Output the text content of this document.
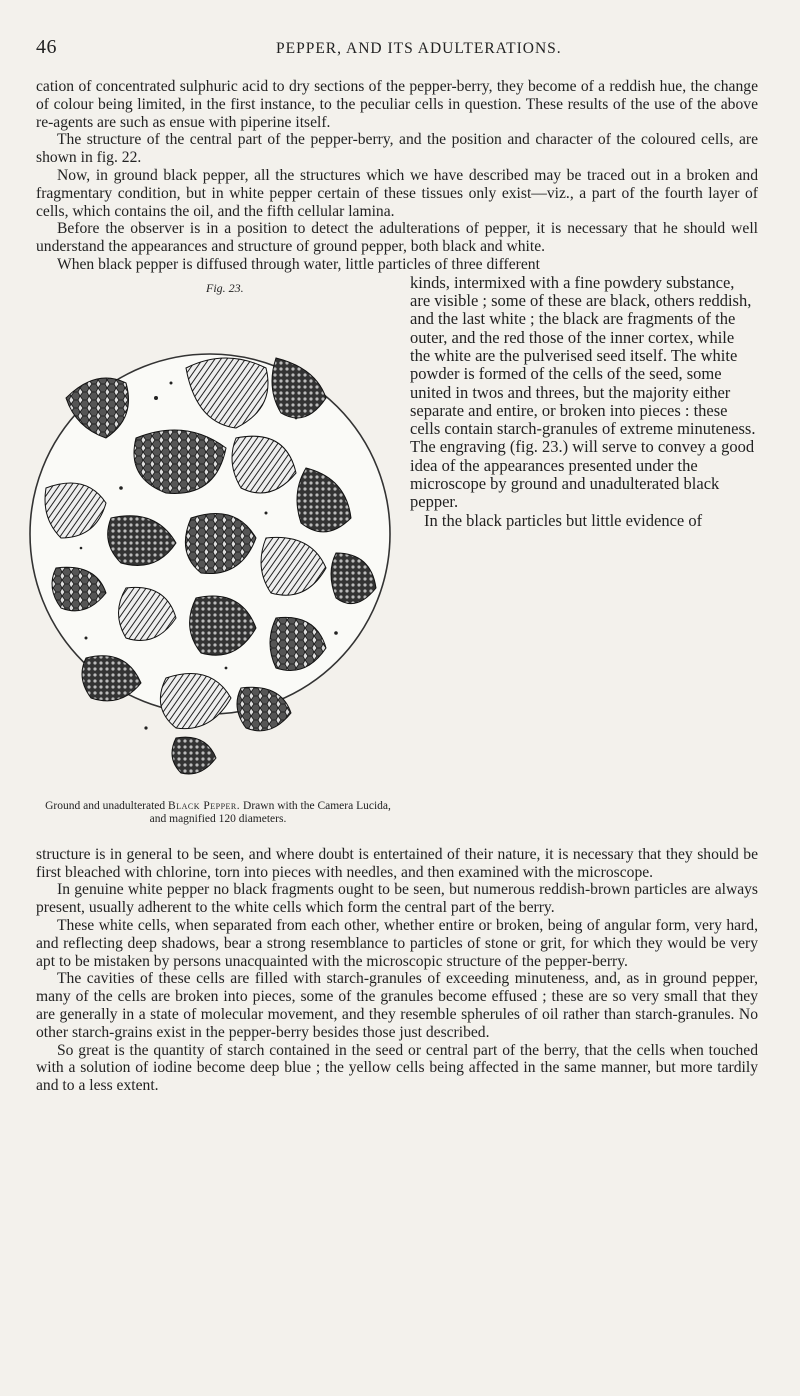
46	PEPPER, AND ITS ADULTERATIONS.

cation of concentrated sulphuric acid to dry sections of the pepper-berry, they become of a reddish hue, the change of colour being limited, in the first instance, to the peculiar cells in question. These results of the use of the above re-agents are such as ensue with piperine itself.

The structure of the central part of the pepper-berry, and the position and character of the coloured cells, are shown in fig. 22.

Now, in ground black pepper, all the structures which we have described may be traced out in a broken and fragmentary condition, but in white pepper certain of these tissues only exist—viz., a part of the fourth layer of cells, which contains the oil, and the fifth cellular lamina.

Before the observer is in a position to detect the adulterations of pepper, it is necessary that he should well understand the appearances and structure of ground pepper, both black and white.

When black pepper is diffused through water, little particles of three different

Fig. 23.
Ground and unadulterated Black Pepper. Drawn with the Camera Lucida, and magnified 120 diameters.

kinds, intermixed with a fine powdery substance, are visible ; some of these are black, others reddish, and the last white ; the black are fragments of the outer, and the red those of the inner cortex, while the white are the pulverised seed itself. The white powder is formed of the cells of the seed, some united in twos and threes, but the majority either separate and entire, or broken into pieces : these cells contain starch-granules of extreme minuteness. The engraving (fig. 23.) will serve to convey a good idea of the appearances presented under the microscope by ground and unadulterated black pepper.

In the black particles but little evidence of

structure is in general to be seen, and where doubt is entertained of their nature, it is necessary that they should be first bleached with chlorine, torn into pieces with needles, and then examined with the microscope.

In genuine white pepper no black fragments ought to be seen, but numerous reddish-brown particles are always present, usually adherent to the white cells which form the central part of the berry.

These white cells, when separated from each other, whether entire or broken, being of angular form, very hard, and reflecting deep shadows, bear a strong resemblance to particles of stone or grit, for which they would be very apt to be mistaken by persons unacquainted with the microscopic structure of the pepper-berry.

The cavities of these cells are filled with starch-granules of exceeding minuteness, and, as in ground pepper, many of the cells are broken into pieces, some of the granules become effused ; these are so very small that they are generally in a state of molecular movement, and they resemble spherules of oil rather than starch-granules. No other starch-grains exist in the pepper-berry besides those just described.

So great is the quantity of starch contained in the seed or central part of the berry, that the cells when touched with a solution of iodine become deep blue ; the yellow cells being affected in the same manner, but more tardily and to a less extent.
